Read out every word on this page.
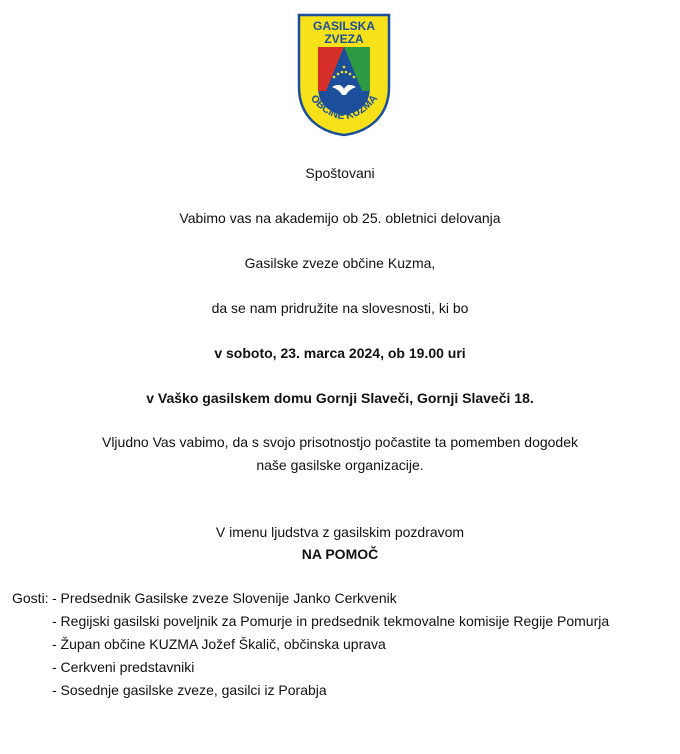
GASILSKA
ZVEZA
OBČINE KUZMA
Spoštovani
Vabimo vas na akademijo ob 25. obletnici delovanja
Gasilske zveze občine Kuzma,
da se nam pridružite na slovesnosti, ki bo
v soboto, 23. marca 2024, ob 19.00 uri
v Vaško gasilskem domu Gornji Slaveči, Gornji Slaveči 18.
Vljudno Vas vabimo, da s svojo prisotnostjo počastite ta pomemben dogodek
naše gasilske organizacije.
V imenu ljudstva z gasilskim pozdravom
NA POMOČ
Gosti: - Predsednik Gasilske zveze Slovenije Janko Cerkvenik
- Regijski gasilski poveljnik za Pomurje in predsednik tekmovalne komisije Regije Pomurja
- Župan občine KUZMA Jožef Škalič, občinska uprava
- Cerkveni predstavniki
- Sosednje gasilske zveze, gasilci iz Porabja
